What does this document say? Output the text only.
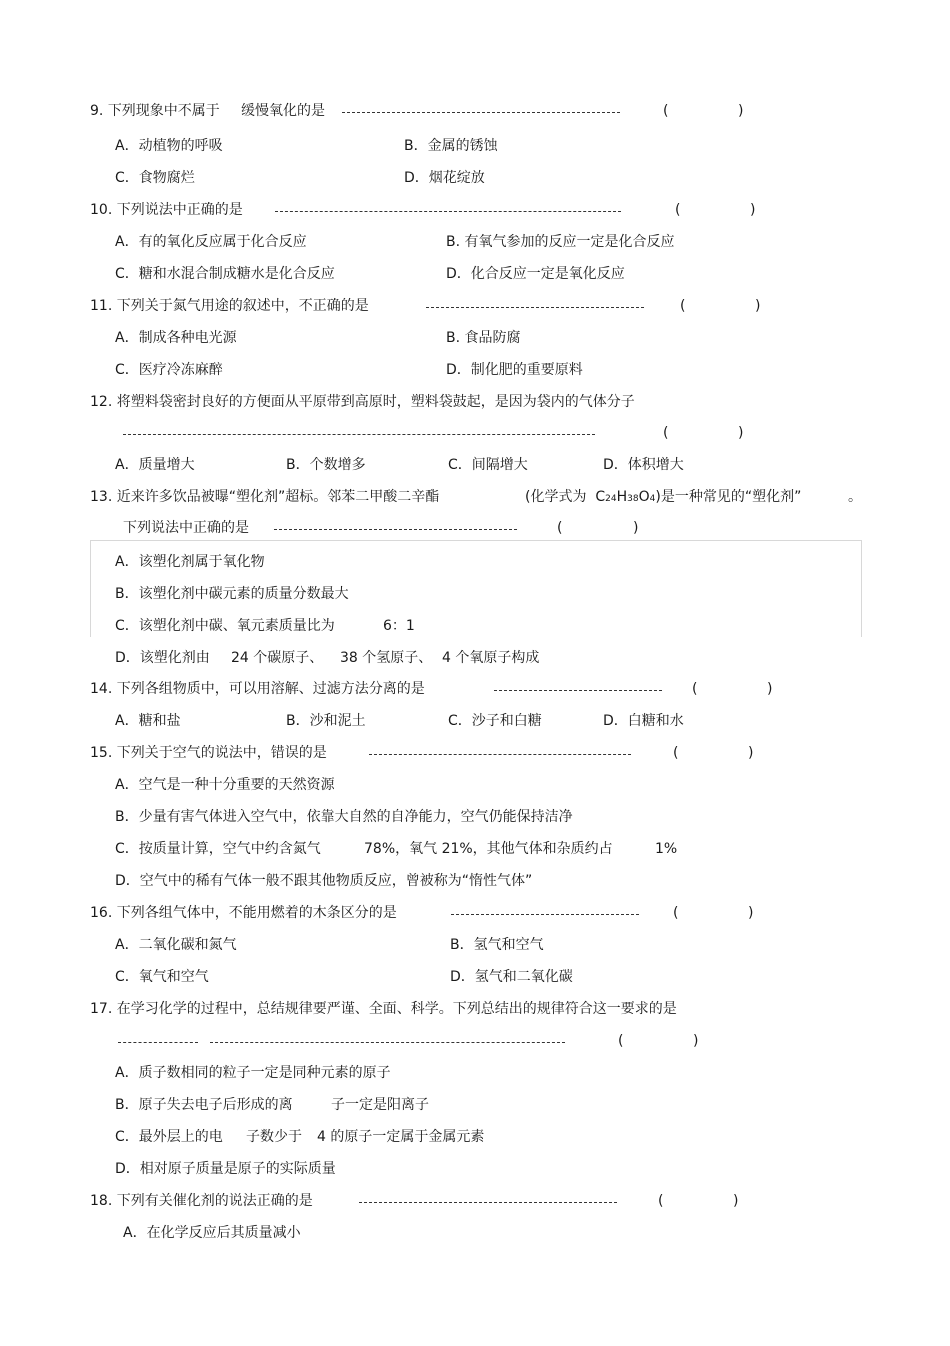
9. 下列现象中不属于 缓慢氧化的是	(	)
A．动植物的呼吸	B．金属的锈蚀
C．食物腐烂	D．烟花绽放
10. 下列说法中正确的是	(	)
A．有的氧化反应属于化合反应	B. 有氧气参加的反应一定是化合反应
C．糖和水混合制成糖水是化合反应	D．化合反应一定是氧化反应
11. 下列关于氮气用途的叙述中，不正确的是	(	)
A．制成各种电光源	B. 食品防腐
C．医疗冷冻麻醉	D．制化肥的重要原料
12. 将塑料袋密封良好的方便面从平原带到高原时，塑料袋鼓起，是因为袋内的气体分子
(	)
A．质量增大	B．个数增多	C．间隔增大	D．体积增大
13. 近来许多饮品被曝“塑化剂”超标。邻苯二甲酸二辛酯	(化学式为 C24H38O4)是一种常见的“塑化剂”	。
下列说法中正确的是	(	)
A．该塑化剂属于氧化物
B．该塑化剂中碳元素的质量分数最大
C．该塑化剂中碳、氧元素质量比为	6：1
D．该塑化剂由 24 个碳原子、 38 个氢原子、 4 个氧原子构成
14. 下列各组物质中，可以用溶解、过滤方法分离的是	(	)
A．糖和盐	B．沙和泥土	C．沙子和白糖	D．白糖和水
15. 下列关于空气的说法中，错误的是	(	)
A．空气是一种十分重要的天然资源
B．少量有害气体进入空气中，依靠大自然的自净能力，空气仍能保持洁净
C．按质量计算，空气中约含氮气	78%，氧气 21%，其他气体和杂质约占	1%
D．空气中的稀有气体一般不跟其他物质反应，曾被称为“惰性气体”
16. 下列各组气体中，不能用燃着的木条区分的是	(	)
A．二氧化碳和氮气	B．氢气和空气
C．氧气和空气	D．氢气和二氧化碳
17. 在学习化学的过程中，总结规律要严谨、全面、科学。下列总结出的规律符合这一要求的是
(	)
A．质子数相同的粒子一定是同种元素的原子
B．原子失去电子后形成的离	子一定是阳离子
C．最外层上的电 子数少于 4 的原子一定属于金属元素
D．相对原子质量是原子的实际质量
18. 下列有关催化剂的说法正确的是	(	)
A．在化学反应后其质量减小
